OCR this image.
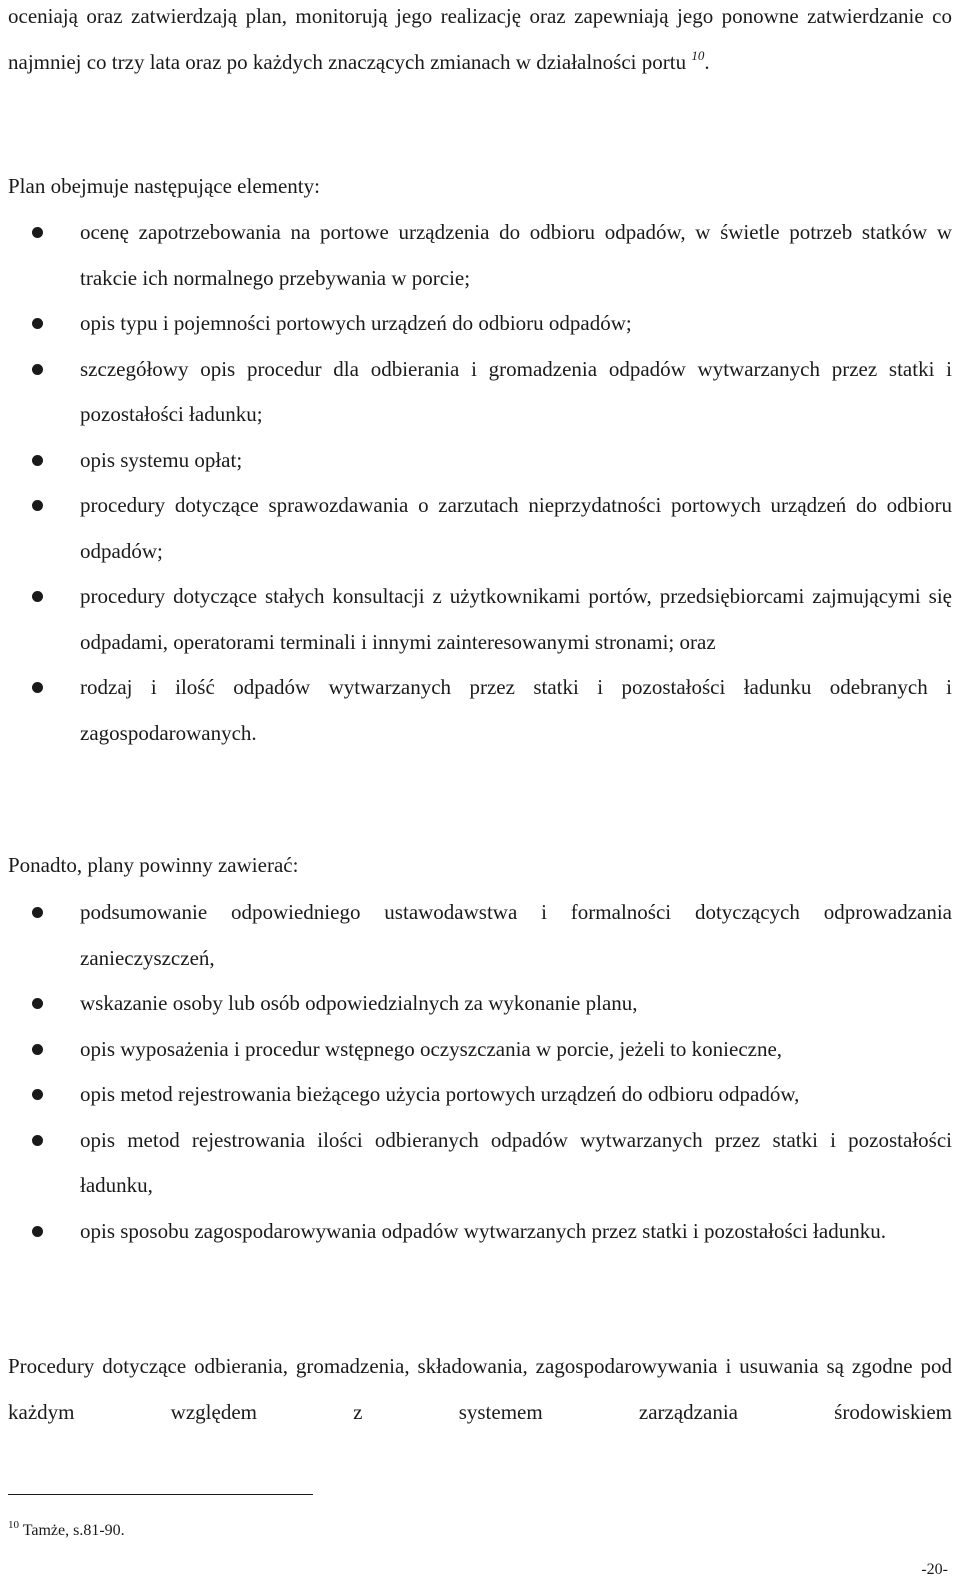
oceniają oraz zatwierdzają plan, monitorują jego realizację oraz zapewniają jego ponowne zatwierdzanie co najmniej co trzy lata oraz po każdych znaczących zmianach w działalności portu $^{10}$.

Plan obejmuje następujące elementy:

ocenę zapotrzebowania na portowe urządzenia do odbioru odpadów, w świetle potrzeb statków w trakcie ich normalnego przebywania w porcie;
opis typu i pojemności portowych urządzeń do odbioru odpadów;
szczegółowy opis procedur dla odbierania i gromadzenia odpadów wytwarzanych przez statki i pozostałości ładunku;
opis systemu opłat;
procedury dotyczące sprawozdawania o zarzutach nieprzydatności portowych urządzeń do odbioru odpadów;
procedury dotyczące stałych konsultacji z użytkownikami portów, przedsiębiorcami zajmującymi się odpadami, operatorami terminali i innymi zainteresowanymi stronami; oraz
rodzaj i ilość odpadów wytwarzanych przez statki i pozostałości ładunku odebranych i zagospodarowanych.

Ponadto, plany powinny zawierać:

podsumowanie odpowiedniego ustawodawstwa i formalności dotyczących odprowadzania zanieczyszczeń,
wskazanie osoby lub osób odpowiedzialnych za wykonanie planu,
opis wyposażenia i procedur wstępnego oczyszczania w porcie, jeżeli to konieczne,
opis metod rejestrowania bieżącego użycia portowych urządzeń do odbioru odpadów,
opis metod rejestrowania ilości odbieranych odpadów wytwarzanych przez statki i pozostałości ładunku,
opis sposobu zagospodarowywania odpadów wytwarzanych przez statki i pozostałości ładunku.

Procedury dotyczące odbierania, gromadzenia, składowania, zagospodarowywania i usuwania są zgodne pod każdym względem z systemem zarządzania środowiskiem

$^{10}$ Tamże, s.81-90.

-20-
